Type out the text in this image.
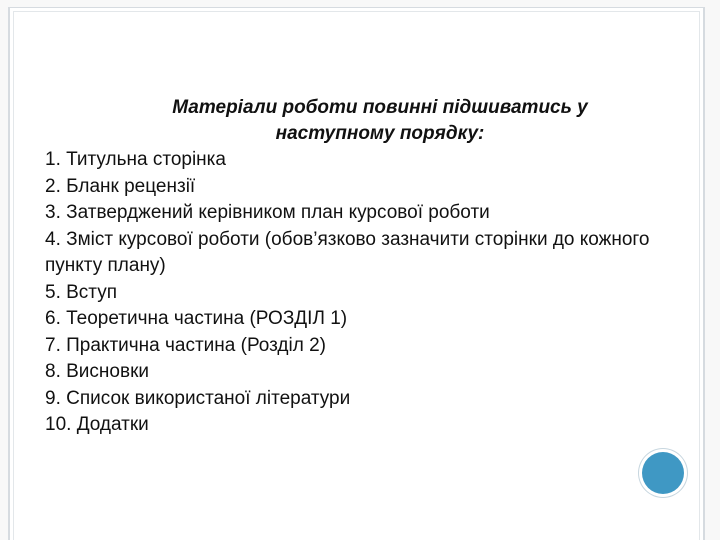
Матеріали роботи повинні підшиватись у
наступному порядку:
1. Титульна сторінка
2. Бланк рецензії
3. Затверджений керівником план курсової роботи
4. Зміст курсової роботи (обов’язково зазначити сторінки до кожного пункту плану)
5. Вступ
6. Теоретична частина (РОЗДІЛ 1)
7. Практична частина (Розділ 2)
8. Висновки
9. Список використаної літератури
10. Додатки
